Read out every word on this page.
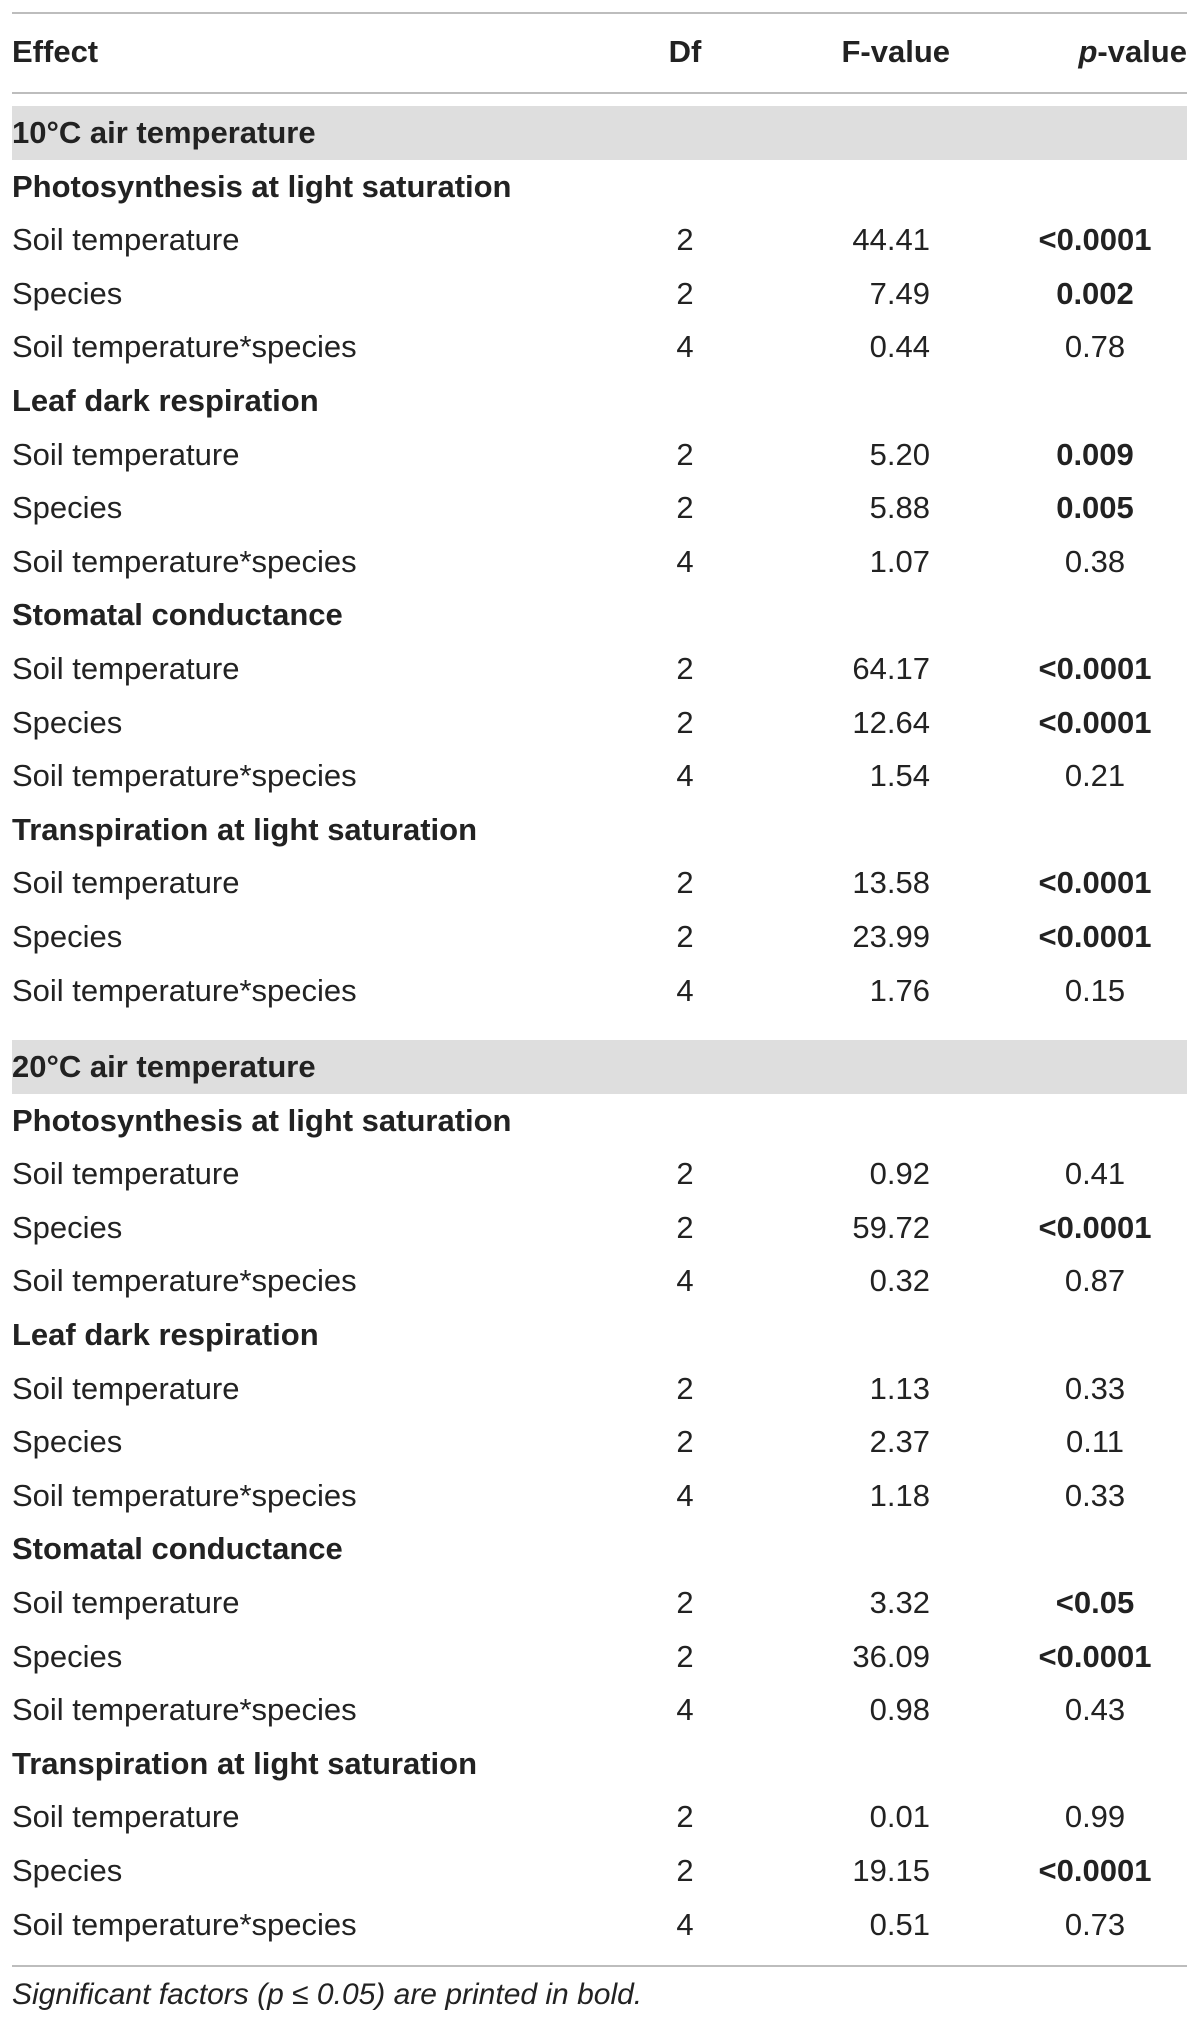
Effect	Df	F-value	p-value
10°C air temperature
Photosynthesis at light saturation
Soil temperature	2	44.41	<0.0001
Species	2	7.49	0.002
Soil temperature*species	4	0.44	0.78
Leaf dark respiration
Soil temperature	2	5.20	0.009
Species	2	5.88	0.005
Soil temperature*species	4	1.07	0.38
Stomatal conductance
Soil temperature	2	64.17	<0.0001
Species	2	12.64	<0.0001
Soil temperature*species	4	1.54	0.21
Transpiration at light saturation
Soil temperature	2	13.58	<0.0001
Species	2	23.99	<0.0001
Soil temperature*species	4	1.76	0.15
20°C air temperature
Photosynthesis at light saturation
Soil temperature	2	0.92	0.41
Species	2	59.72	<0.0001
Soil temperature*species	4	0.32	0.87
Leaf dark respiration
Soil temperature	2	1.13	0.33
Species	2	2.37	0.11
Soil temperature*species	4	1.18	0.33
Stomatal conductance
Soil temperature	2	3.32	<0.05
Species	2	36.09	<0.0001
Soil temperature*species	4	0.98	0.43
Transpiration at light saturation
Soil temperature	2	0.01	0.99
Species	2	19.15	<0.0001
Soil temperature*species	4	0.51	0.73
Significant factors (p ≤ 0.05) are printed in bold.
